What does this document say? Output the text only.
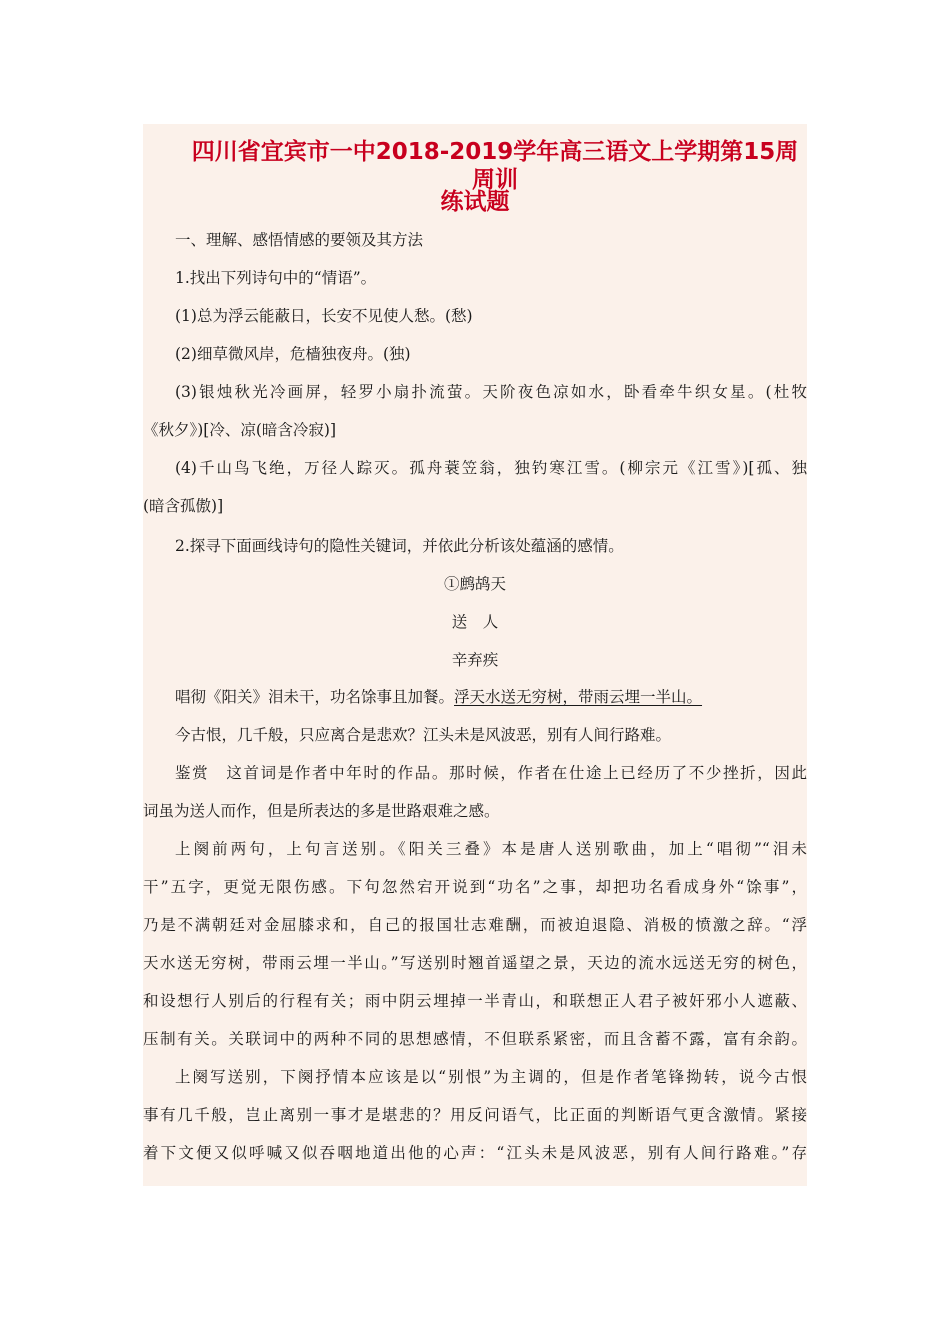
四川省宜宾市一中2018-2019学年高三语文上学期第15周周训
练试题
一、理解、感悟情感的要领及其方法
1.找出下列诗句中的“情语”。
(1)总为浮云能蔽日，长安不见使人愁。(愁)
(2)细草微风岸，危樯独夜舟。(独)
(3)银烛秋光冷画屏，轻罗小扇扑流萤。天阶夜色凉如水，卧看牵牛织女星。(杜牧
《秋夕》)[冷、凉(暗含冷寂)]
(4)千山鸟飞绝，万径人踪灭。孤舟蓑笠翁，独钓寒江雪。(柳宗元《江雪》)[孤、独
(暗含孤傲)]
2.探寻下面画线诗句的隐性关键词，并依此分析该处蕴涵的感情。
①鹧鸪天
送　人
辛弃疾
唱彻《阳关》泪未干，功名馀事且加餐。浮天水送无穷树，带雨云埋一半山。
今古恨，几千般，只应离合是悲欢？江头未是风波恶，别有人间行路难。
鉴赏　这首词是作者中年时的作品。那时候，作者在仕途上已经历了不少挫折，因此
词虽为送人而作，但是所表达的多是世路艰难之感。
上阕前两句，上句言送别。《阳关三叠》本是唐人送别歌曲，加上“唱彻”“泪未
干”五字，更觉无限伤感。下句忽然宕开说到“功名”之事，却把功名看成身外“馀事”，
乃是不满朝廷对金屈膝求和，自己的报国壮志难酬，而被迫退隐、消极的愤激之辞。“浮
天水送无穷树，带雨云埋一半山。”写送别时翘首遥望之景，天边的流水远送无穷的树色，
和设想行人别后的行程有关；雨中阴云埋掉一半青山，和联想正人君子被奸邪小人遮蔽、
压制有关。关联词中的两种不同的思想感情，不但联系紧密，而且含蓄不露，富有余韵。
上阕写送别，下阕抒情本应该是以“别恨”为主调的，但是作者笔锋拗转，说今古恨
事有几千般，岂止离别一事才是堪悲的？用反问语气，比正面的判断语气更含激情。紧接
着下文便又似呼喊又似吞咽地道出他的心声：“江头未是风波恶，别有人间行路难。”存
